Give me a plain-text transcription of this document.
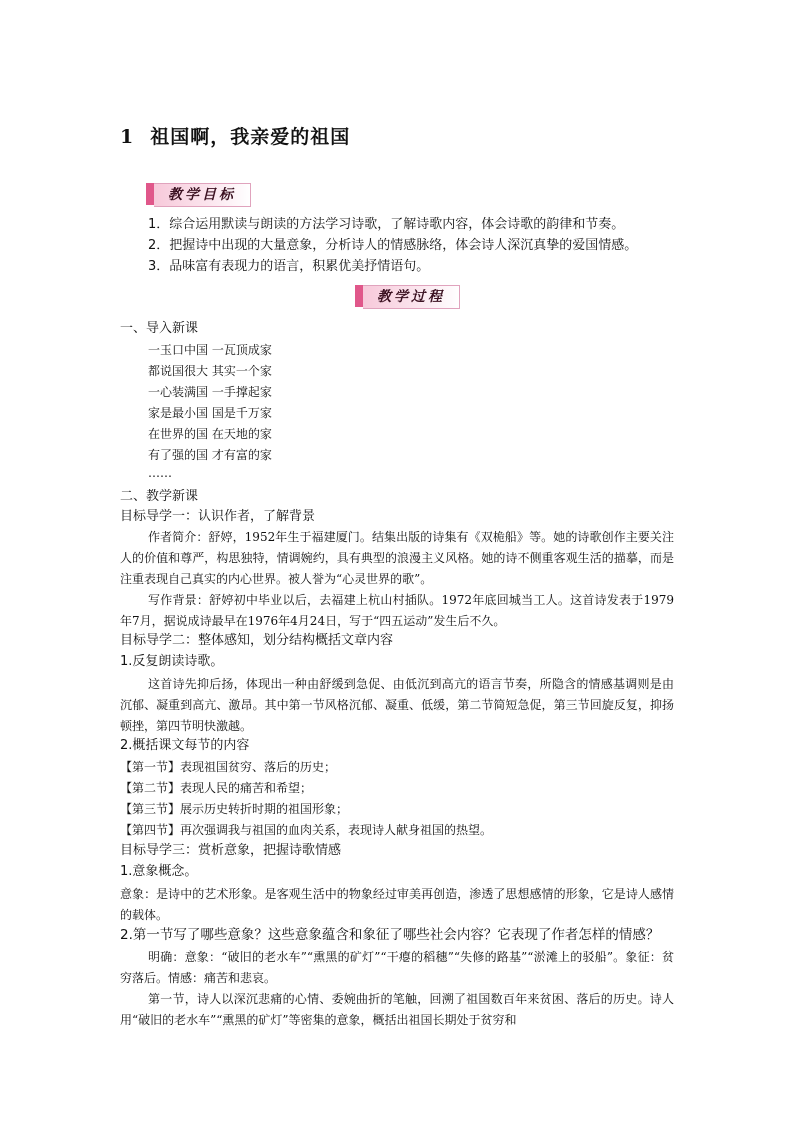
1 祖国啊，我亲爱的祖国
教学目标
1．综合运用默读与朗读的方法学习诗歌，了解诗歌内容，体会诗歌的韵律和节奏。
2．把握诗中出现的大量意象，分析诗人的情感脉络，体会诗人深沉真挚的爱国情感。
3．品味富有表现力的语言，积累优美抒情语句。
教学过程
一、导入新课
一玉口中国 一瓦顶成家
都说国很大 其实一个家
一心装满国 一手撑起家
家是最小国 国是千万家
在世界的国 在天地的家
有了强的国 才有富的家
……
二、教学新课
目标导学一：认识作者，了解背景
作者简介：舒婷，1952年生于福建厦门。结集出版的诗集有《双桅船》等。她的诗歌创作主要关注人的价值和尊严，构思独特，情调婉约，具有典型的浪漫主义风格。她的诗不侧重客观生活的描摹，而是注重表现自己真实的内心世界。被人誉为“心灵世界的歌”。
写作背景：舒婷初中毕业以后，去福建上杭山村插队。1972年底回城当工人。这首诗发表于1979年7月，据说成诗最早在1976年4月24日，写于“四五运动”发生后不久。
目标导学二：整体感知，划分结构概括文章内容
1.反复朗读诗歌。
这首诗先抑后扬，体现出一种由舒缓到急促、由低沉到高亢的语言节奏，所隐含的情感基调则是由沉郁、凝重到高亢、激昂。其中第一节风格沉郁、凝重、低缓，第二节简短急促，第三节回旋反复，抑扬顿挫，第四节明快激越。
2.概括课文每节的内容
【第一节】表现祖国贫穷、落后的历史；
【第二节】表现人民的痛苦和希望；
【第三节】展示历史转折时期的祖国形象；
【第四节】再次强调我与祖国的血肉关系，表现诗人献身祖国的热望。
目标导学三：赏析意象，把握诗歌情感
1.意象概念。
意象：是诗中的艺术形象。是客观生活中的物象经过审美再创造，渗透了思想感情的形象，它是诗人感情的载体。
2.第一节写了哪些意象？这些意象蕴含和象征了哪些社会内容？它表现了作者怎样的情感？
明确：意象：“破旧的老水车”“熏黑的矿灯”“干瘪的稻穗”“失修的路基”“淤滩上的驳船”。象征：贫穷落后。情感：痛苦和悲哀。
第一节，诗人以深沉悲痛的心情、委婉曲折的笔触，回溯了祖国数百年来贫困、落后的历史。诗人用“破旧的老水车”“熏黑的矿灯”等密集的意象，概括出祖国长期处于贫穷和
